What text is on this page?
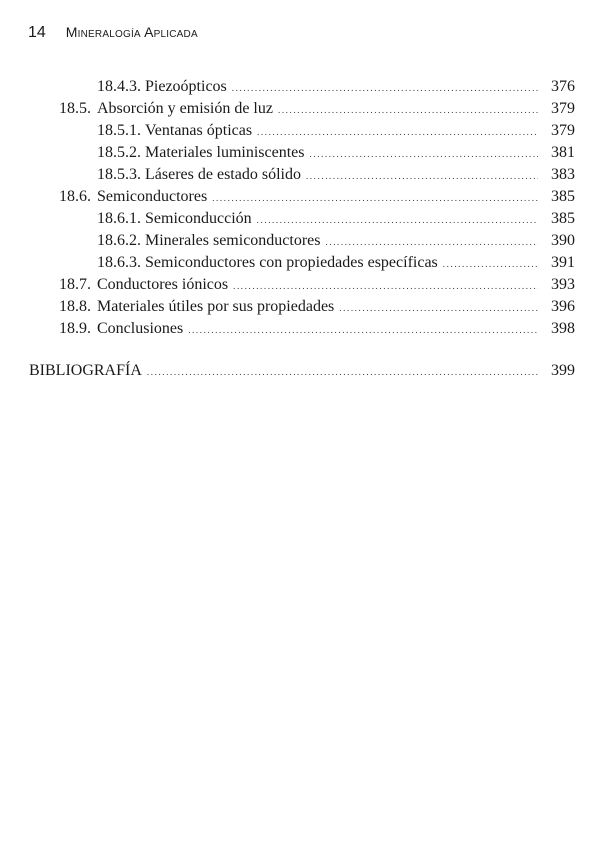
14 Mineralogía Aplicada
18.4.3. Piezoópticos .....	376
18.5. Absorción y emisión de luz .....	379
18.5.1. Ventanas ópticas .....	379
18.5.2. Materiales luminiscentes .....	381
18.5.3. Láseres de estado sólido .....	383
18.6. Semiconductores .....	385
18.6.1. Semiconducción .....	385
18.6.2. Minerales semiconductores .....	390
18.6.3. Semiconductores con propiedades específicas .....	391
18.7. Conductores iónicos .....	393
18.8. Materiales útiles por sus propiedades .....	396
18.9. Conclusiones .....	398
BIBLIOGRAFÍA .....	399
